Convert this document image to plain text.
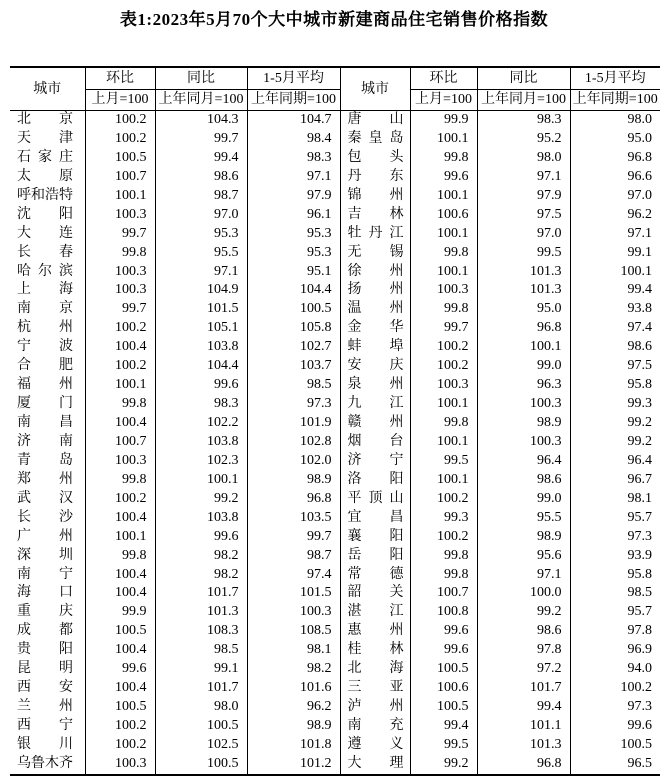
表1:2023年5月70个大中城市新建商品住宅销售价格指数
城市	环比	同比	1-5月平均	城市	环比	同比	1-5月平均
	上月=100	上年同月=100	上年同期=100		上月=100	上年同月=100	上年同期=100

北 京	100.2	104.3	104.7	唐 山	99.9	98.3	98.0

天 津	100.2	99.7	98.4	秦 皇 岛	100.1	95.2	95.0

石 家 庄	100.5	99.4	98.3	包 头	99.8	98.0	96.8

太 原	100.7	98.6	97.1	丹 东	99.6	97.1	96.6

呼 和 浩 特	100.1	98.7	97.9	锦 州	100.1	97.9	97.0

沈 阳	100.3	97.0	96.1	吉 林	100.6	97.5	96.2

大 连	99.7	95.3	95.3	牡 丹 江	100.1	97.0	97.1

长 春	99.8	95.5	95.3	无 锡	99.8	99.5	99.1

哈 尔 滨	100.3	97.1	95.1	徐 州	100.1	101.3	100.1

上 海	100.3	104.9	104.4	扬 州	100.3	101.3	99.4

南 京	99.7	101.5	100.5	温 州	99.8	95.0	93.8

杭 州	100.2	105.1	105.8	金 华	99.7	96.8	97.4

宁 波	100.4	103.8	102.7	蚌 埠	100.2	100.1	98.6

合 肥	100.2	104.4	103.7	安 庆	100.2	99.0	97.5

福 州	100.1	99.6	98.5	泉 州	100.3	96.3	95.8

厦 门	99.8	98.3	97.3	九 江	100.1	100.3	99.3

南 昌	100.4	102.2	101.9	赣 州	99.8	98.9	99.2

济 南	100.7	103.8	102.8	烟 台	100.1	100.3	99.2

青 岛	100.3	102.3	102.0	济 宁	99.5	96.4	96.4

郑 州	99.8	100.1	98.9	洛 阳	100.1	98.6	96.7

武 汉	100.2	99.2	96.8	平 顶 山	100.2	99.0	98.1

长 沙	100.4	103.8	103.5	宜 昌	99.3	95.5	95.7

广 州	100.1	99.6	99.7	襄 阳	100.2	98.9	97.3

深 圳	99.8	98.2	98.7	岳 阳	99.8	95.6	93.9

南 宁	100.4	98.2	97.4	常 德	99.8	97.1	95.8

海 口	100.4	101.7	101.5	韶 关	100.7	100.0	98.5

重 庆	99.9	101.3	100.3	湛 江	100.8	99.2	95.7

成 都	100.5	108.3	108.5	惠 州	99.6	98.6	97.8

贵 阳	100.4	98.5	98.1	桂 林	99.6	97.8	96.9

昆 明	99.6	99.1	98.2	北 海	100.5	97.2	94.0

西 安	100.4	101.7	101.6	三 亚	100.6	101.7	100.2

兰 州	100.5	98.0	96.2	泸 州	100.5	99.4	97.3

西 宁	100.2	100.5	98.9	南 充	99.4	101.1	99.6

银 川	100.2	102.5	101.8	遵 义	99.5	101.3	100.5

乌 鲁 木 齐	100.3	100.5	101.2	大 理	99.2	96.8	96.5
